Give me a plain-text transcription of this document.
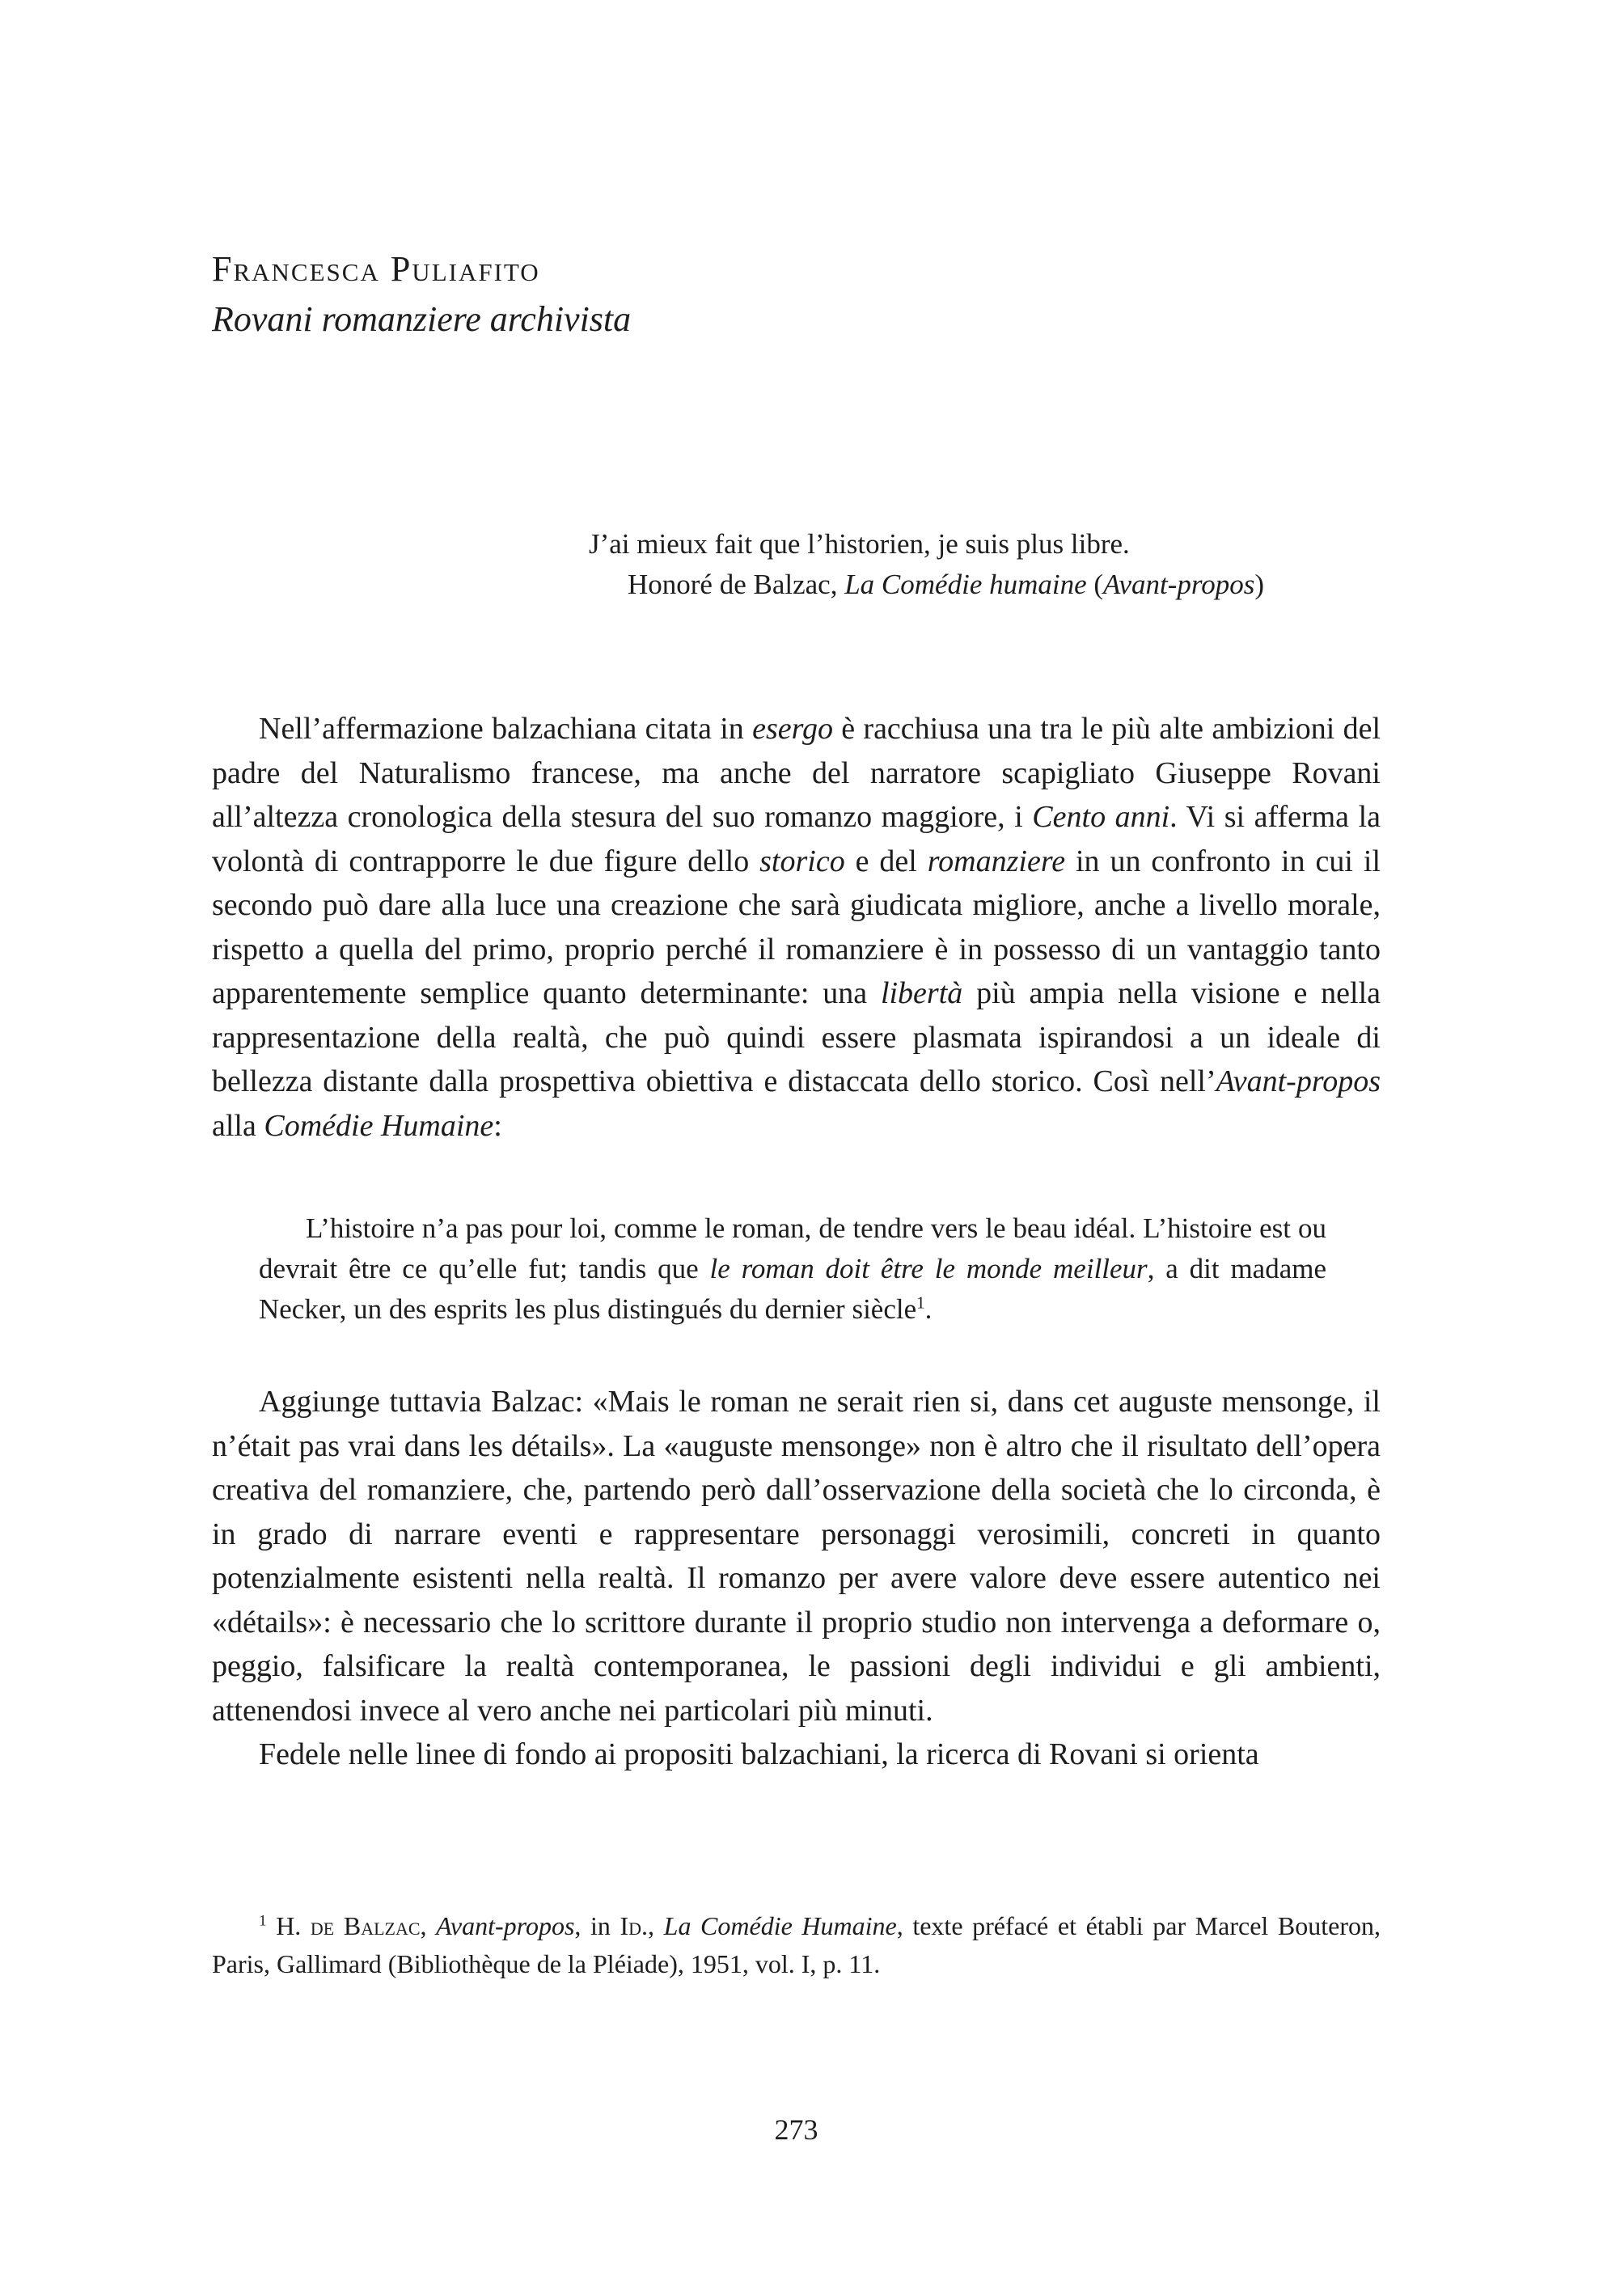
Francesca Puliafito
Rovani romanziere archivista
J’ai mieux fait que l’historien, je suis plus libre.
Honoré de Balzac, La Comédie humaine (Avant-propos)

Nell’affermazione balzachiana citata in esergo è racchiusa una tra le più alte ambizioni del padre del Naturalismo francese, ma anche del narratore scapigliato Giuseppe Rovani all’altezza cronologica della stesura del suo romanzo maggiore, i Cento anni. Vi si afferma la volontà di contrapporre le due figure dello storico e del romanziere in un confronto in cui il secondo può dare alla luce una creazione che sarà giudicata migliore, anche a livello morale, rispetto a quella del primo, proprio perché il romanziere è in possesso di un vantaggio tanto apparentemente semplice quanto determinante: una libertà più ampia nella visione e nella rappresentazione della realtà, che può quindi essere plasmata ispirandosi a un ideale di bellezza distante dalla prospettiva obiettiva e distaccata dello storico. Così nell’Avant-propos alla Comédie Humaine:

L’histoire n’a pas pour loi, comme le roman, de tendre vers le beau idéal. L’histoire est ou devrait être ce qu’elle fut; tandis que le roman doit être le monde meilleur, a dit madame Necker, un des esprits les plus distingués du dernier siècle$^1$.

Aggiunge tuttavia Balzac: «Mais le roman ne serait rien si, dans cet auguste mensonge, il n’était pas vrai dans les détails». La «auguste mensonge» non è altro che il risultato dell’opera creativa del romanziere, che, partendo però dall’osservazione della società che lo circonda, è in grado di narrare eventi e rappresentare personaggi verosimili, concreti in quanto potenzialmente esistenti nella realtà. Il romanzo per avere valore deve essere autentico nei «détails»: è necessario che lo scrittore durante il proprio studio non intervenga a deformare o, peggio, falsificare la realtà contemporanea, le passioni degli individui e gli ambienti, attenendosi invece al vero anche nei particolari più minuti.

Fedele nelle linee di fondo ai propositi balzachiani, la ricerca di Rovani si orienta

$^1$ H. de Balzac, Avant-propos, in Id., La Comédie Humaine, texte préfacé et établi par Marcel Bouteron, Paris, Gallimard (Bibliothèque de la Pléiade), 1951, vol. I, p. 11.

273
